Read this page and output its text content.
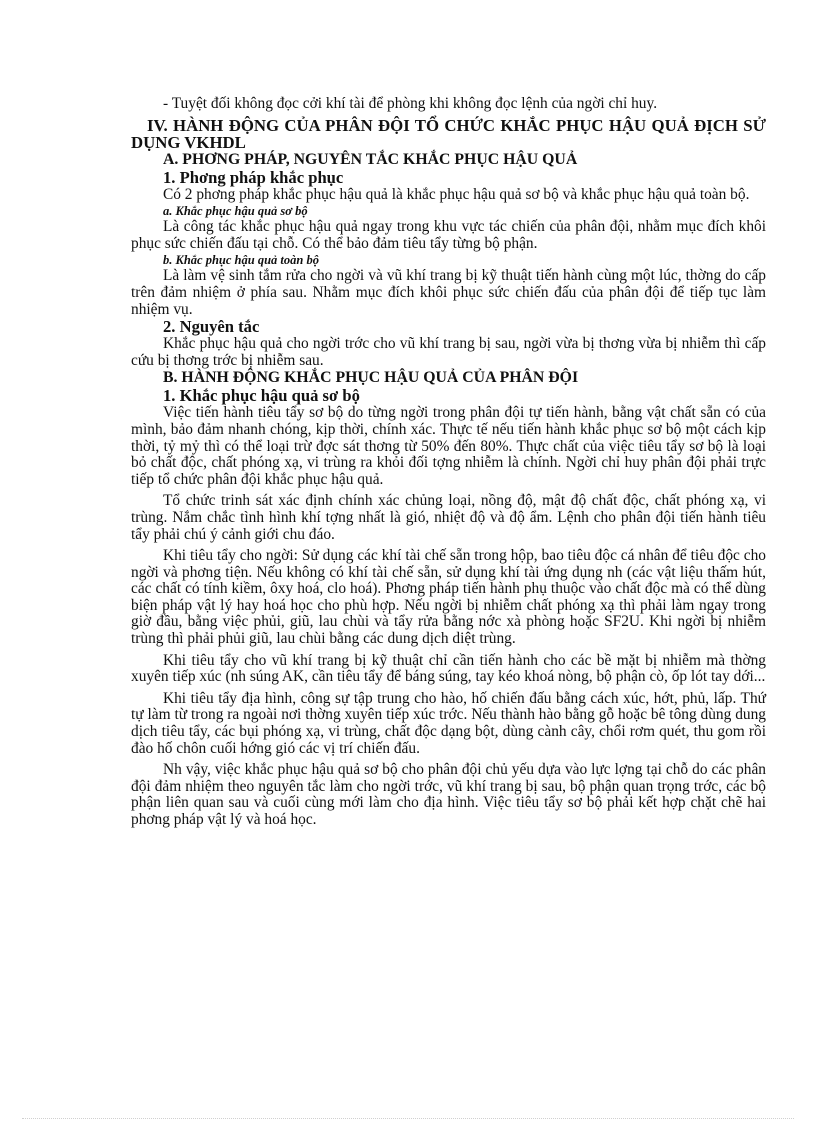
- Tuyệt đối không đọc cởi khí tài để phòng khi không đọc lệnh của ngời chỉ huy.

IV. HÀNH ĐỘNG CỦA PHÂN ĐỘI TỔ CHỨC KHẮC PHỤC HẬU QUẢ ĐỊCH SỬ DỤNG VKHDL
A. PHƠNG PHÁP, NGUYÊN TẮC KHẮC PHỤC HẬU QUẢ
1. Phơng pháp khắc phục

Có 2 phơng pháp khắc phục hậu quả là khắc phục hậu quả sơ bộ và khắc phục hậu quả toàn bộ.

a. Khắc phục hậu quả sơ bộ

Là công tác khắc phục hậu quả ngay trong khu vực tác chiến của phân đội, nhằm mục đích khôi phục sức chiến đấu tại chỗ. Có thể bảo đảm tiêu tẩy từng bộ phận.

b. Khắc phục hậu quả toàn bộ

Là làm vệ sinh tắm rửa cho ngời và vũ khí trang bị kỹ thuật tiến hành cùng một lúc, thờng do cấp trên đảm nhiệm ở phía sau. Nhằm mục đích khôi phục sức chiến đấu của phân đội để tiếp tục làm nhiệm vụ.

2. Nguyên tắc

Khắc phục hậu quả cho ngời trớc cho vũ khí trang bị sau, ngời vừa bị thơng vừa bị nhiễm thì cấp cứu bị thơng trớc bị nhiễm sau.

B. HÀNH ĐỘNG KHẮC PHỤC HẬU QUẢ CỦA PHÂN ĐỘI
1. Khắc phục hậu quả sơ bộ

Việc tiến hành tiêu tẩy sơ bộ do từng ngời trong phân đội tự tiến hành, bằng vật chất sẵn có của mình, bảo đảm nhanh chóng, kịp thời, chính xác. Thực tế nếu tiến hành khắc phục sơ bộ một cách kịp thời, tỷ mỷ thì có thể loại trừ đợc sát thơng từ 50% đến 80%. Thực chất của việc tiêu tẩy sơ bộ là loại bỏ chất độc, chất phóng xạ, vi trùng ra khỏi đối tợng nhiễm là chính. Ngời chỉ huy phân đội phải trực tiếp tổ chức phân đội khắc phục hậu quả.

Tổ chức trinh sát xác định chính xác chủng loại, nồng độ, mật độ chất độc, chất phóng xạ, vi trùng. Nắm chắc tình hình khí tợng nhất là gió, nhiệt độ và độ ẩm. Lệnh cho phân đội tiến hành tiêu tẩy phải chú ý cảnh giới chu đáo.

Khi tiêu tẩy cho ngời: Sử dụng các khí tài chế sẵn trong hộp, bao tiêu độc cá nhân để tiêu độc cho ngời và phơng tiện. Nếu không có khí tài chế sẵn, sử dụng khí tài ứng dụng nh (các vật liệu thấm hút, các chất có tính kiềm, ôxy hoá, clo hoá). Phơng pháp tiến hành phụ thuộc vào chất độc mà có thể dùng biện pháp vật lý hay hoá học cho phù hợp. Nếu ngời bị nhiễm chất phóng xạ thì phải làm ngay trong giờ đầu, bằng việc phủi, giũ, lau chùi và tẩy rửa bằng nớc xà phòng hoặc SF2U. Khi ngời bị nhiễm trùng thì phải phủi giũ, lau chùi bằng các dung dịch diệt trùng.

Khi tiêu tẩy cho vũ khí trang bị kỹ thuật chỉ cần tiến hành cho các bề mặt bị nhiễm mà thờng xuyên tiếp xúc (nh súng AK, cần tiêu tẩy để báng súng, tay kéo khoá nòng, bộ phận cò, ốp lót tay dới...

Khi tiêu tẩy địa hình, công sự tập trung cho hào, hố chiến đấu bằng cách xúc, hớt, phủ, lấp. Thứ tự làm từ trong ra ngoài nơi thờng xuyên tiếp xúc trớc. Nếu thành hào bằng gỗ hoặc bê tông dùng dung dịch tiêu tẩy, các bụi phóng xạ, vi trùng, chất độc dạng bột, dùng cành cây, chổi rơm quét, thu gom rồi đào hố chôn cuối hớng gió các vị trí chiến đấu.

Nh vậy, việc khắc phục hậu quả sơ bộ cho phân đội chủ yếu dựa vào lực lợng tại chỗ do các phân đội đảm nhiệm theo nguyên tắc làm cho ngời trớc, vũ khí trang bị sau, bộ phận quan trọng trớc, các bộ phận liên quan sau và cuối cùng mới làm cho địa hình. Việc tiêu tẩy sơ bộ phải kết hợp chặt chẽ hai phơng pháp vật lý và hoá học.
